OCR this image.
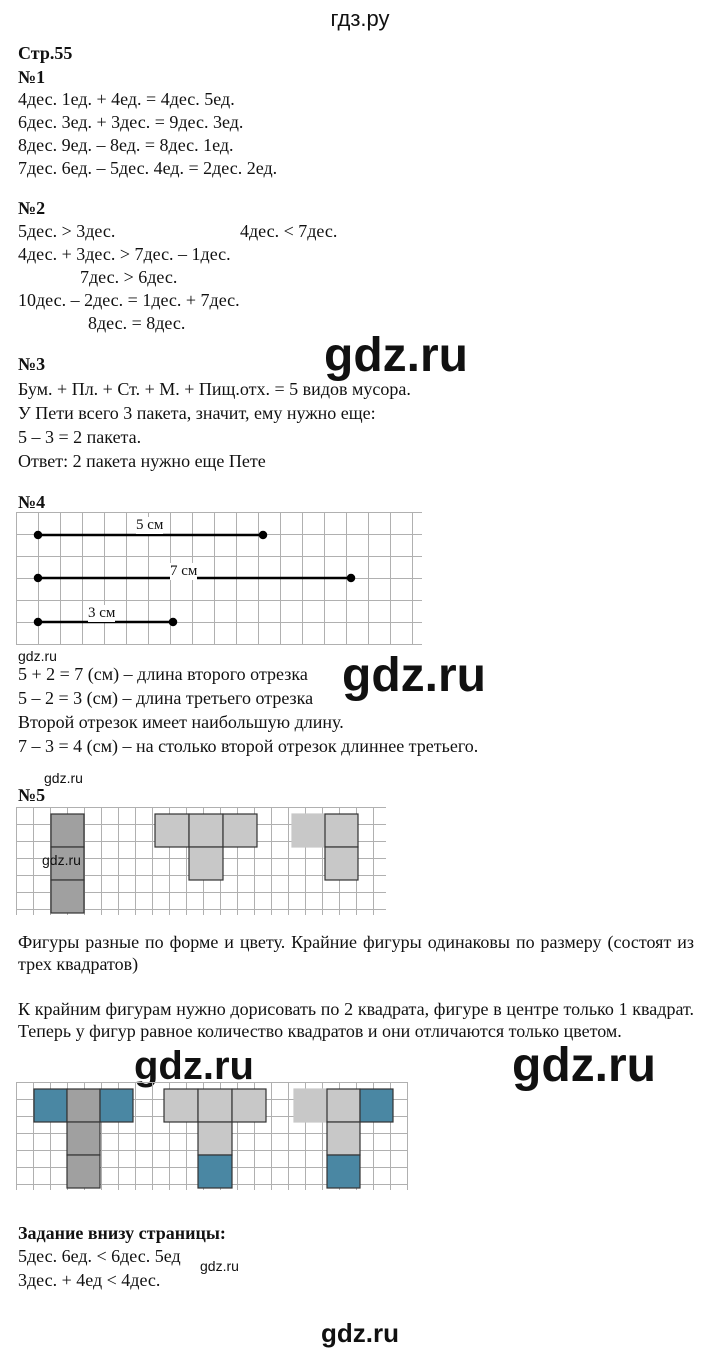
гдз.ру
Стр.55
№1
4дес. 1ед. + 4ед. = 4дес. 5ед.
6дес. 3ед. + 3дес. = 9дес. 3ед.
8дес. 9ед. – 8ед. = 8дес. 1ед.
7дес. 6ед. – 5дес. 4ед. = 2дес. 2ед.
№2
5дес. > 3дес.	4дес. < 7дес.
4дес. + 3дес. > 7дес. – 1дес.
7дес. > 6дес.
10дес. – 2дес. = 1дес. + 7дес.
8дес. = 8дес.
gdz.ru
№3
Бум. + Пл. + Ст. + М. + Пищ.отх. = 5 видов мусора.
У Пети всего 3 пакета, значит, ему нужно еще:
5 – 3 = 2 пакета.
Ответ: 2 пакета нужно еще Пете
№4
5 см
7 см
3 см
gdz.ru
5 + 2 = 7 (см) – длина второго отрезка
5 – 2 = 3 (см) – длина третьего отрезка
Второй отрезок имеет наибольшую длину.
7 – 3 = 4 (см) – на столько второй отрезок длиннее третьего.
gdz.ru
gdz.ru
№5
gdz.ru
Фигуры разные по форме и цвету. Крайние фигуры одинаковы по размеру (состоят из трех квадратов)
К крайним фигурам нужно дорисовать по 2 квадрата, фигуре в центре только 1 квадрат. Теперь у фигур равное количество квадратов и они отличаются только цветом.
gdz.ru	gdz.ru
Задание внизу страницы:
5дес. 6ед. < 6дес. 5ед
3дес. + 4ед < 4дес.
gdz.ru
gdz.ru
